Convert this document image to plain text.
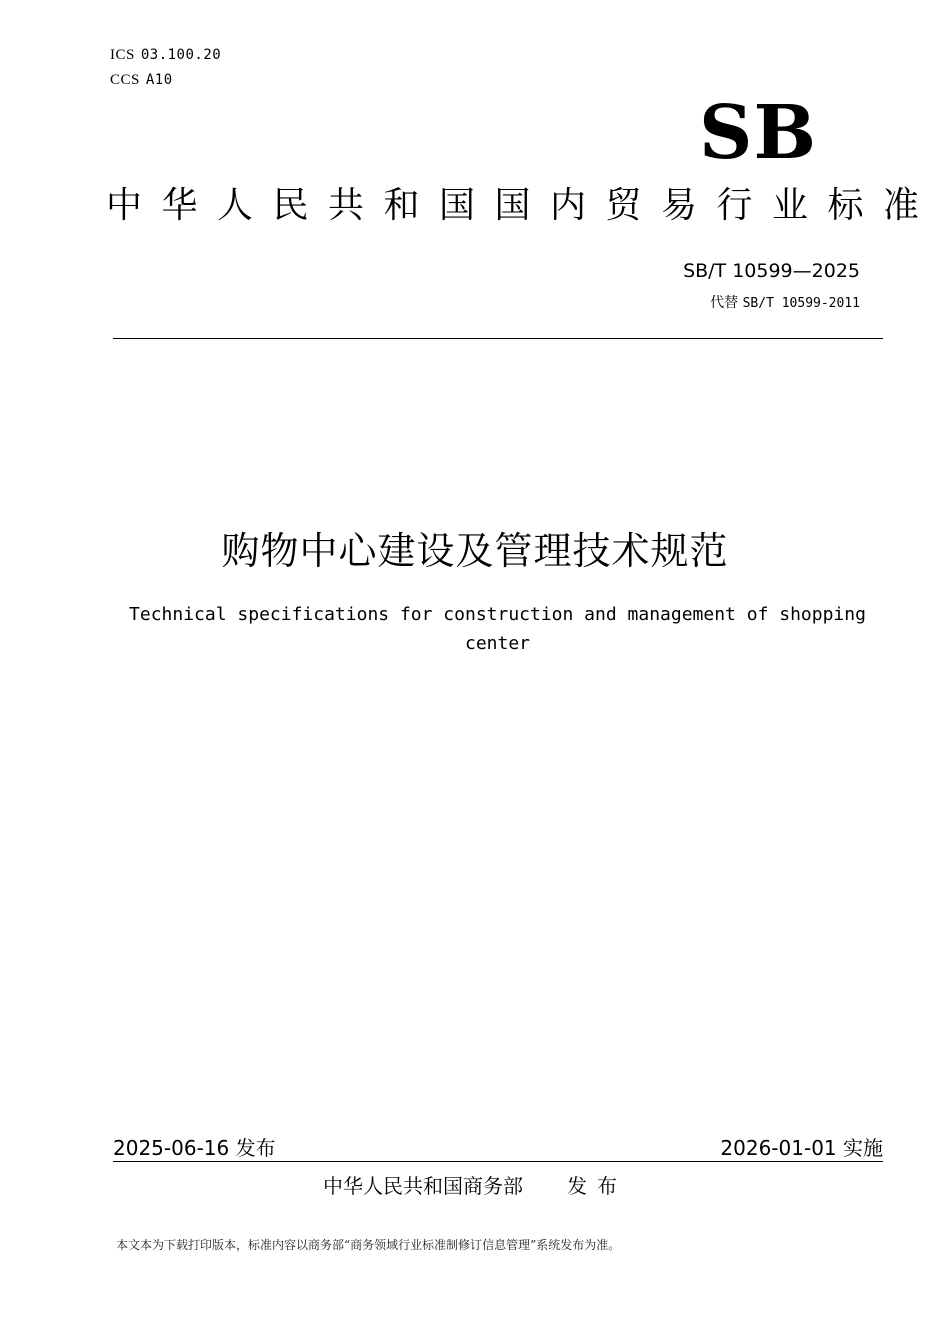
ICS 03.100.20
CCS A10
SB
中华人民共和国国内贸易行业标准
SB/T 10599—2025
代替 SB/T 10599-2011
购物中心建设及管理技术规范
Technical specifications for construction and management of shopping center
2025-06-16 发布	2026-01-01 实施
中华人民共和国商务部 发布
本文本为下载打印版本，标准内容以商务部“商务领域行业标准制修订信息管理”系统发布为准。
